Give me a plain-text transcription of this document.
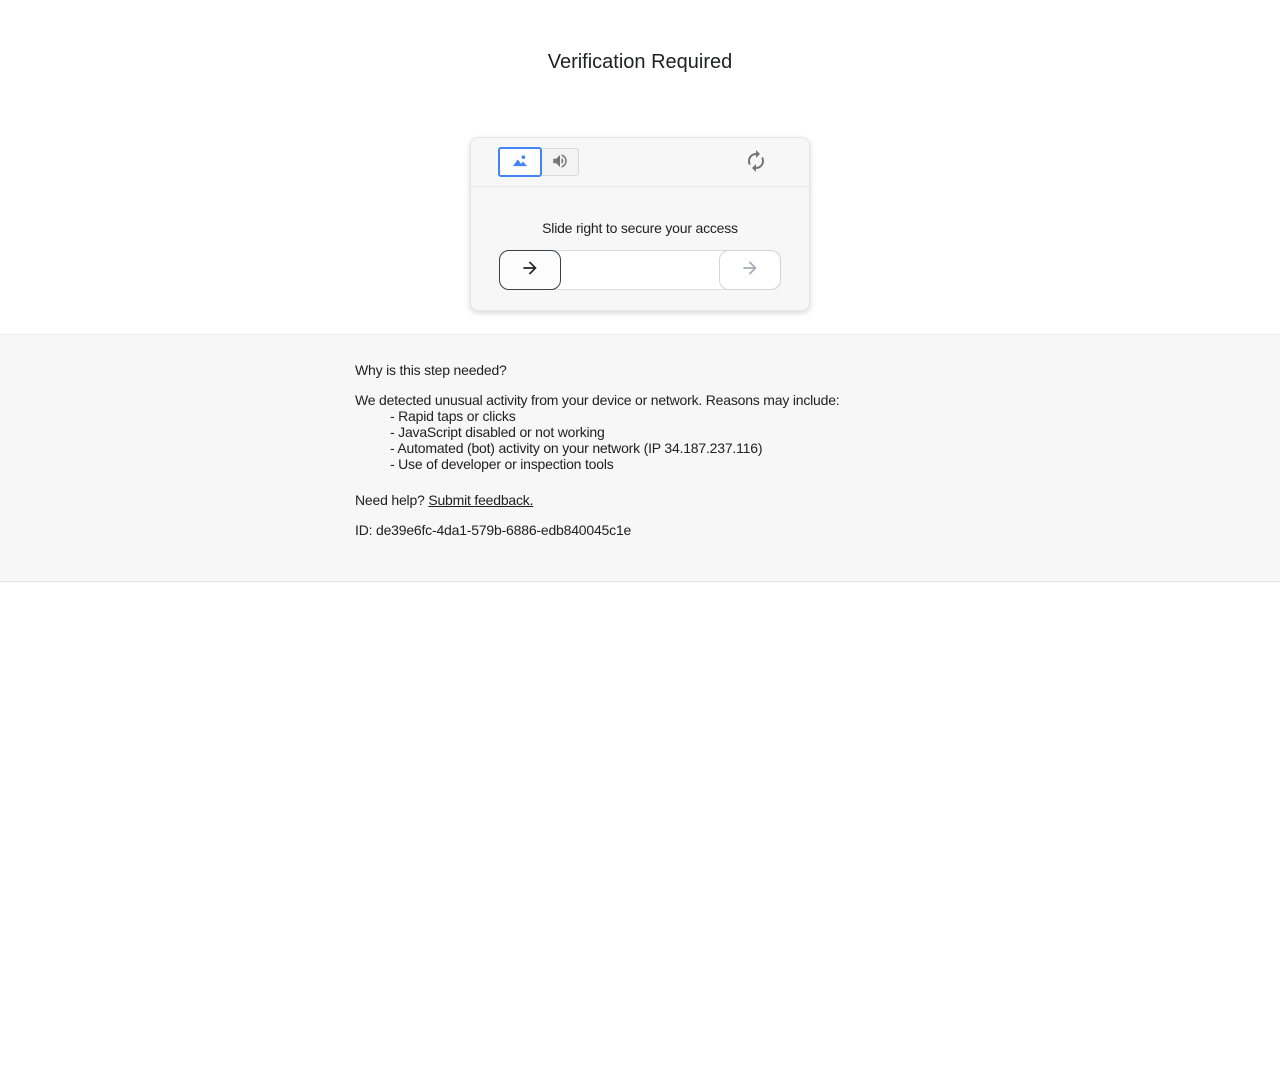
Verification Required
Slide right to secure your access
Why is this step needed?
We detected unusual activity from your device or network. Reasons may include:
- Rapid taps or clicks
- JavaScript disabled or not working
- Automated (bot) activity on your network (IP 34.187.237.116)
- Use of developer or inspection tools
Need help? Submit feedback.
ID: de39e6fc-4da1-579b-6886-edb840045c1e
